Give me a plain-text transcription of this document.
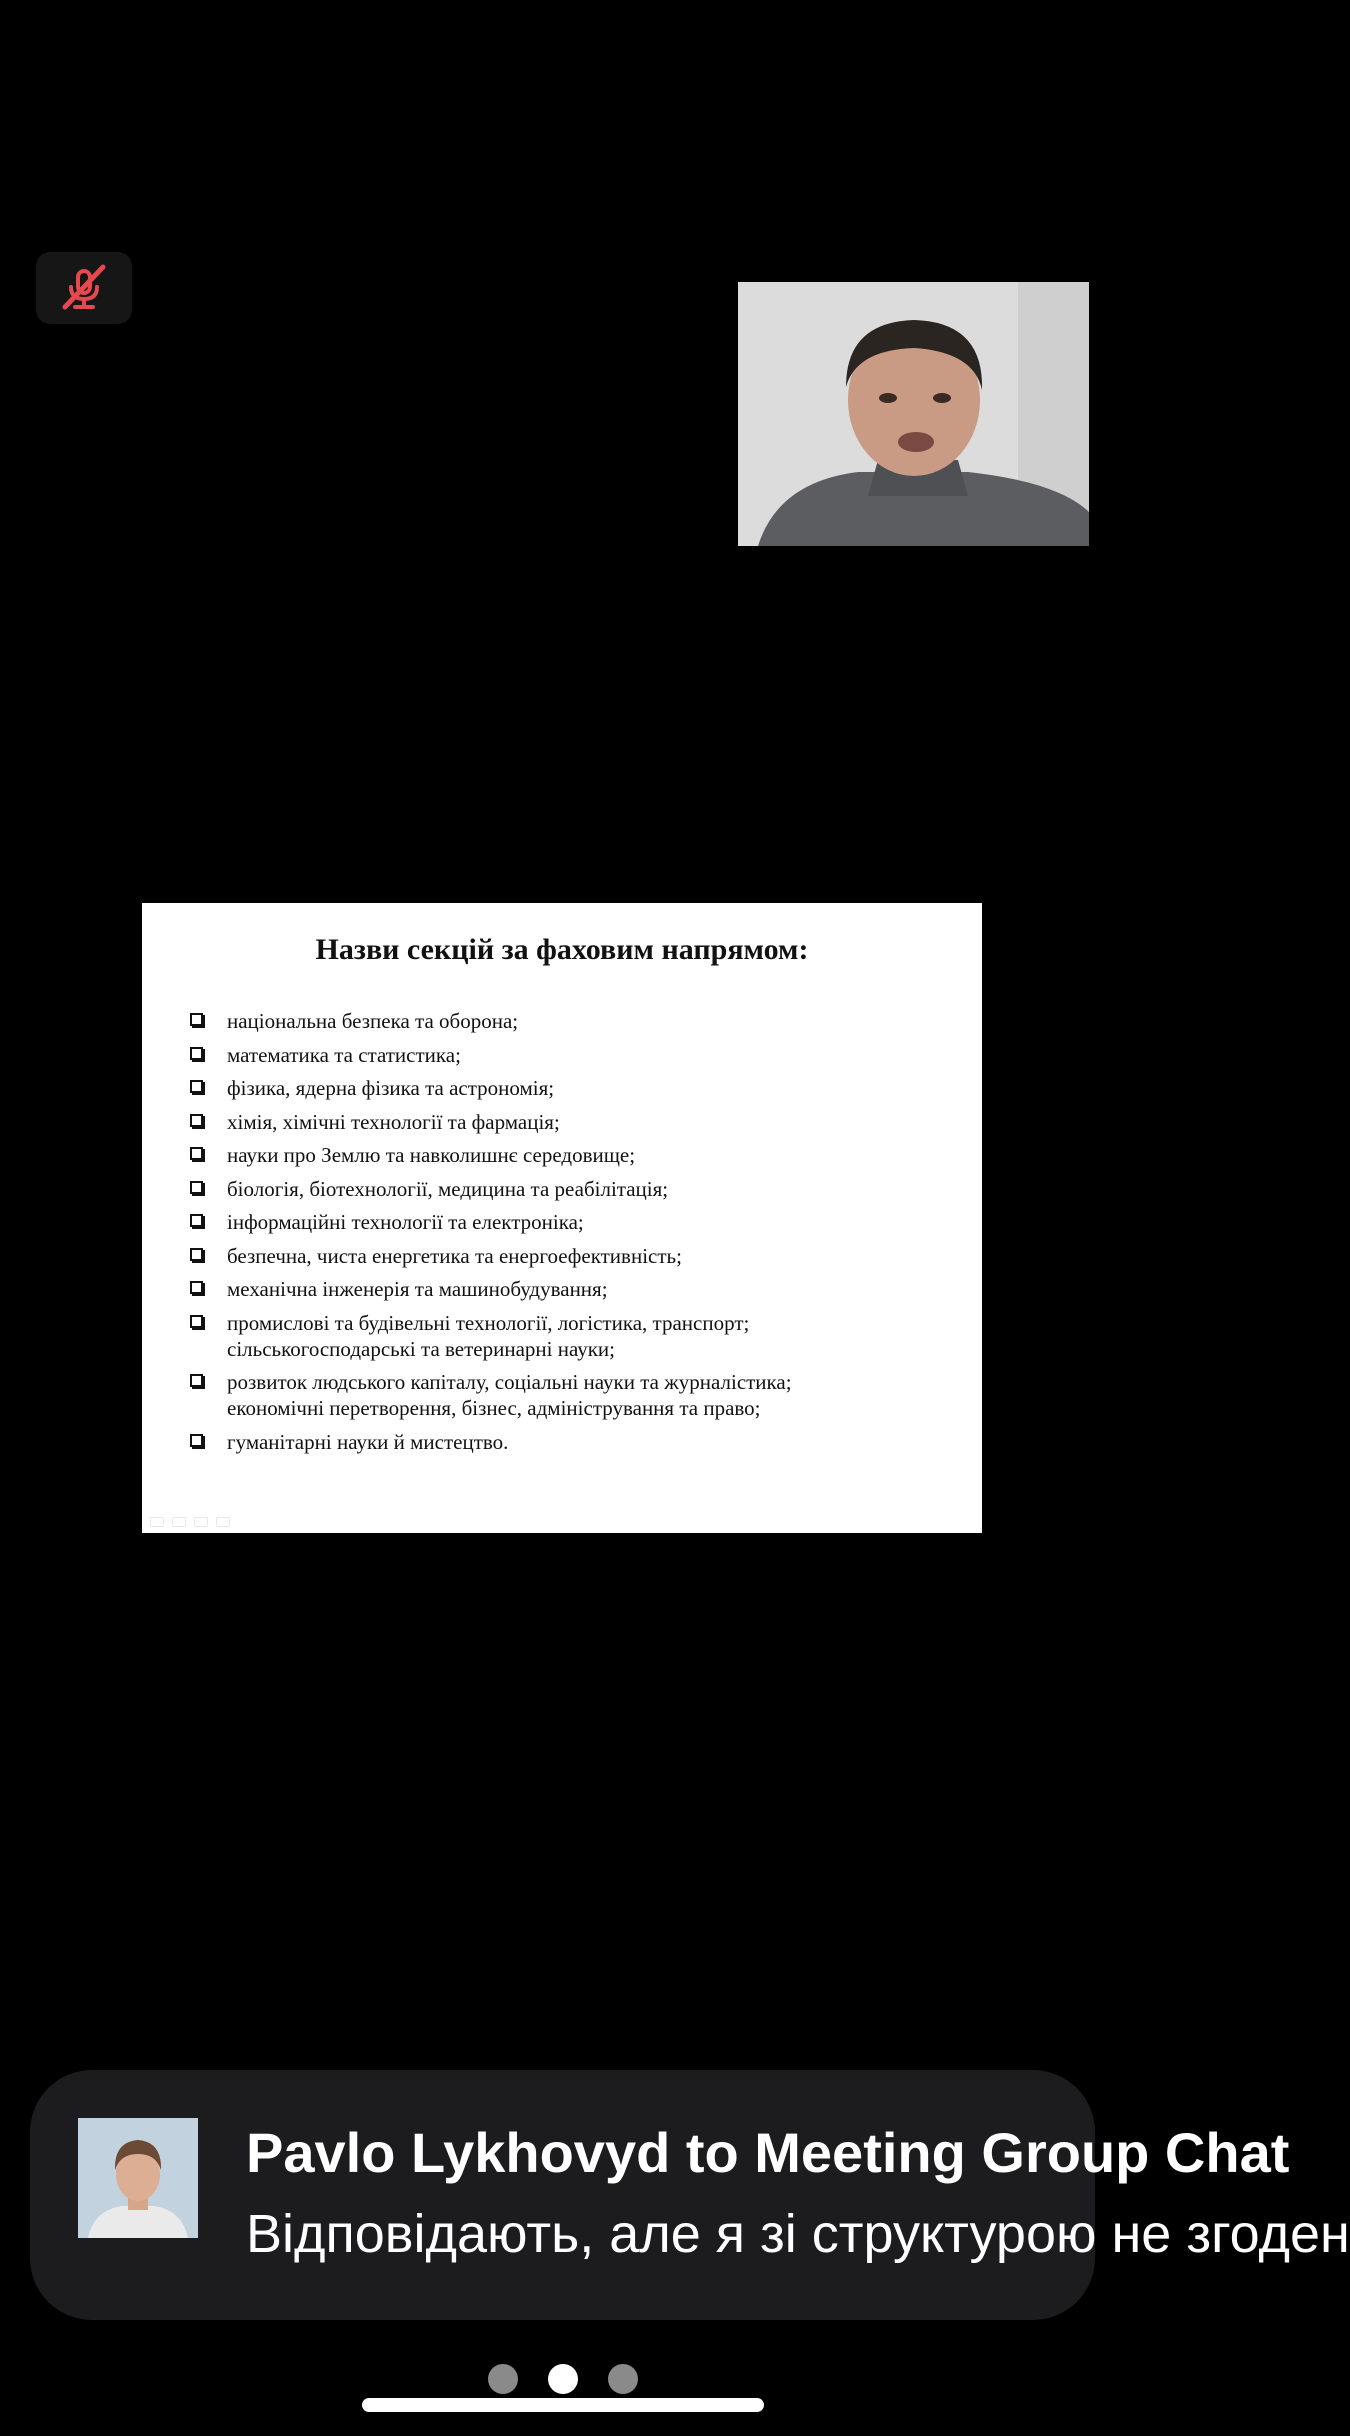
Назви секцій за фаховим напрямом:
національна безпека та оборона;
математика та статистика;
фізика, ядерна фізика та астрономія;
хімія, хімічні технології та фармація;
науки про Землю та навколишнє середовище;
біологія, біотехнології, медицина та реабілітація;
інформаційні технології та електроніка;
безпечна, чиста енергетика та енергоефективність;
механічна інженерія та машинобудування;
промислові та будівельні технології, логістика, транспорт;
сільськогосподарські та ветеринарні науки;
розвиток людського капіталу, соціальні науки та журналістика;
економічні перетворення, бізнес, адміністрування та право;
гуманітарні науки й мистецтво.
Pavlo Lykhovyd to Meeting Group Chat
Відповідають, але я зі структурою не згоден
